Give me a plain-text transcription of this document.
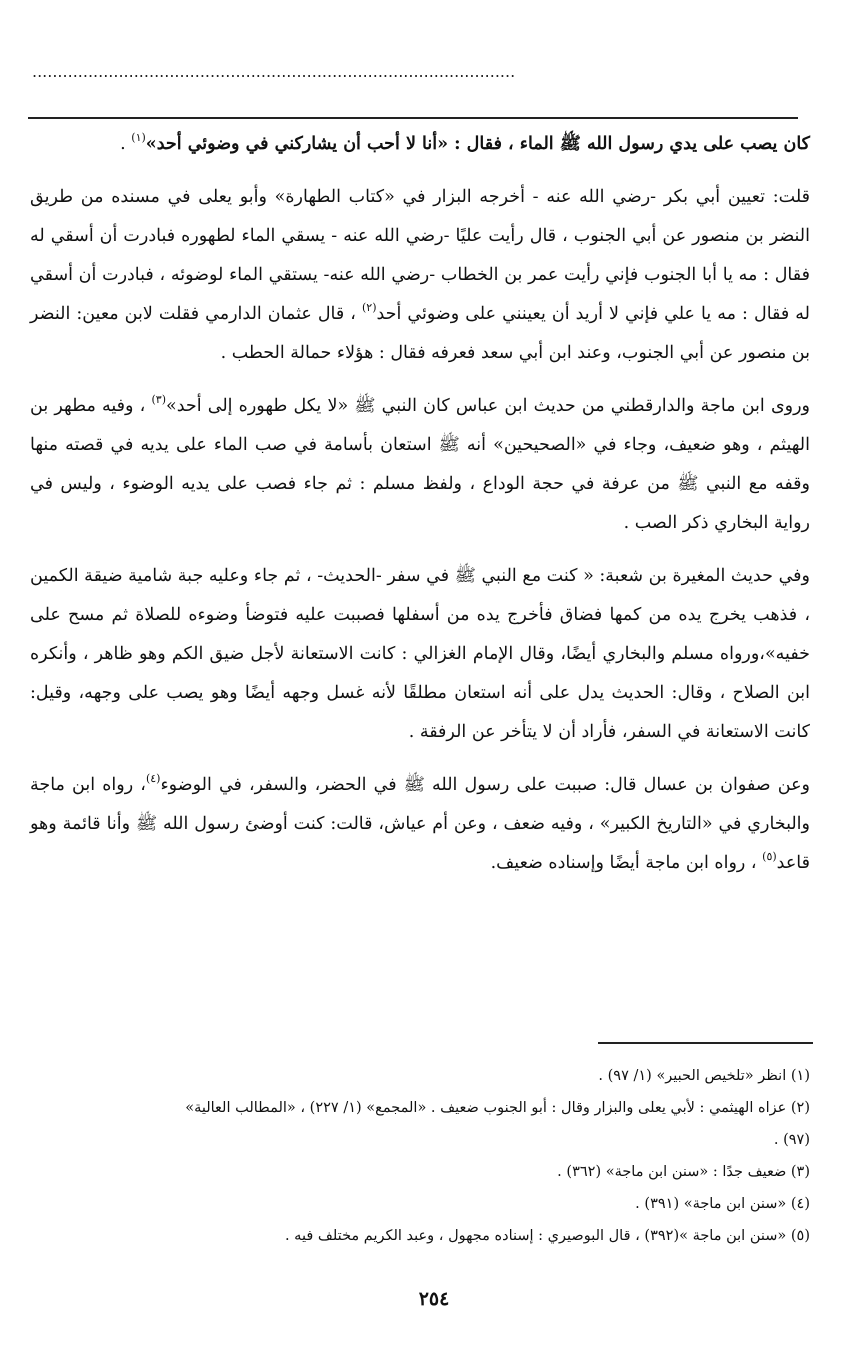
...............................................................................................

كان يصب على يدي رسول الله ﷺ الماء ، فقال : «أنا لا أحب أن يشاركني في وضوئي أحد»$^{(١)}$ .

قلت: تعيين أبي بكر -رضي الله عنه - أخرجه البزار في «كتاب الطهارة» وأبو يعلى في مسنده من طريق النضر بن منصور عن أبي الجنوب ، قال رأيت عليًا -رضي الله عنه - يسقي الماء لطهوره فبادرت أن أسقي له فقال : مه يا أبا الجنوب فإني رأيت عمر بن الخطاب -رضي الله عنه- يستقي الماء لوضوئه ، فبادرت أن أسقي له فقال : مه يا علي فإني لا أريد أن يعينني على وضوئي أحد$^{(٢)}$ ، قال عثمان الدارمي فقلت لابن معين: النضر بن منصور عن أبي الجنوب، وعند ابن أبي سعد فعرفه فقال : هؤلاء حمالة الحطب .

وروى ابن ماجة والدارقطني من حديث ابن عباس كان النبي ﷺ «لا يكل طهوره إلى أحد»$^{(٣)}$ ، وفيه مطهر بن الهيثم ، وهو ضعيف، وجاء في «الصحيحين» أنه ﷺ استعان بأسامة في صب الماء على يديه في قصته منها وقفه مع النبي ﷺ من عرفة في حجة الوداع ، ولفظ مسلم : ثم جاء فصب على يديه الوضوء ، وليس في رواية البخاري ذكر الصب .

وفي حديث المغيرة بن شعبة: « كنت مع النبي ﷺ في سفر -الحديث- ، ثم جاء وعليه جبة شامية ضيقة الكمين ، فذهب يخرج يده من كمها فضاق فأخرج يده من أسفلها فصببت عليه فتوضأ وضوءه للصلاة ثم مسح على خفيه»،ورواه مسلم والبخاري أيضًا، وقال الإمام الغزالي : كانت الاستعانة لأجل ضيق الكم وهو ظاهر ، وأنكره ابن الصلاح ، وقال: الحديث يدل على أنه استعان مطلقًا لأنه غسل وجهه أيضًا وهو يصب على وجهه، وقيل: كانت الاستعانة في السفر، فأراد أن لا يتأخر عن الرفقة .

وعن صفوان بن عسال قال: صببت على رسول الله ﷺ في الحضر، والسفر، في الوضوء$^{(٤)}$، رواه ابن ماجة والبخاري في «التاريخ الكبير» ، وفيه ضعف ، وعن أم عياش، قالت: كنت أوضئ رسول الله ﷺ وأنا قائمة وهو قاعد$^{(٥)}$ ، رواه ابن ماجة أيضًا وإسناده ضعيف.

(١) انظر «تلخيص الحبير» (١/ ٩٧) .

(٢) عزاه الهيثمي : لأبي يعلى والبزار وقال : أبو الجنوب ضعيف . «المجمع» (١/ ٢٢٧) ، «المطالب العالية»

(٩٧) .

(٣) ضعيف جدًا : «سنن ابن ماجة» (٣٦٢) .

(٤) «سنن ابن ماجة» (٣٩١) .

(٥) «سنن ابن ماجة »(٣٩٢) ، قال البوصيري : إسناده مجهول ، وعبد الكريم مختلف فيه .

٢٥٤
